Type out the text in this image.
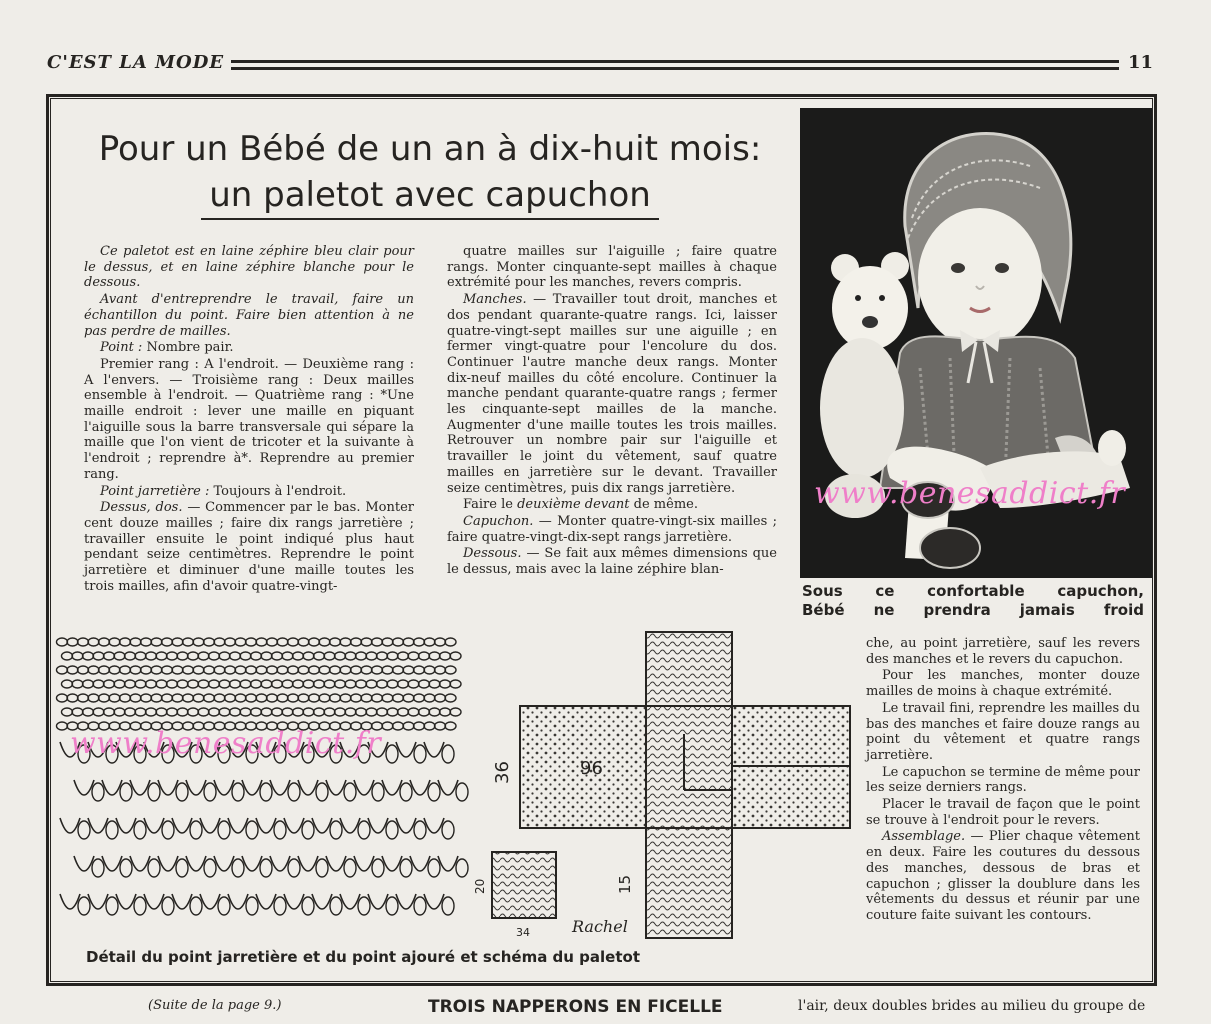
C'EST LA MODE	11
Pour un Bébé de un an à dix-huit mois:
un paletot avec capuchon

Ce paletot est en laine zéphire bleu clair pour le dessus, et en laine zéphire blanche pour le dessous.

Avant d'entreprendre le travail, faire un échantillon du point. Faire bien attention à ne pas perdre de mailles.

Point : Nombre pair.

Premier rang : A l'endroit. — Deuxième rang : A l'envers. — Troisième rang : Deux mailles ensemble à l'endroit. — Quatrième rang : *Une maille endroit : lever une maille en piquant l'aiguille sous la barre transversale qui sépare la maille que l'on vient de tricoter et la suivante à l'endroit ; reprendre à*. Reprendre au premier rang.

Point jarretière : Toujours à l'endroit.

Dessus, dos. — Commencer par le bas. Monter cent douze mailles ; faire dix rangs jarretière ; travailler ensuite le point indiqué plus haut pendant seize centimètres. Reprendre le point jarretière et diminuer d'une maille toutes les trois mailles, afin d'avoir quatre-vingt-

quatre mailles sur l'aiguille ; faire quatre rangs. Monter cinquante-sept mailles à chaque extrémité pour les manches, revers compris.

Manches. — Travailler tout droit, manches et dos pendant quarante-quatre rangs. Ici, laisser quatre-vingt-sept mailles sur une aiguille ; en fermer vingt-quatre pour l'encolure du dos. Continuer l'autre manche deux rangs. Monter dix-neuf mailles du côté encolure. Continuer la manche pendant quarante-quatre rangs ; fermer les cinquante-sept mailles de la manche. Augmenter d'une maille toutes les trois mailles. Retrouver un nombre pair sur l'aiguille et travailler le joint du vêtement, sauf quatre mailles en jarretière sur le devant. Travailler seize centimètres, puis dix rangs jarretière.

Faire le deuxième devant de même.

Capuchon. — Monter quatre-vingt-six mailles ; faire quatre-vingt-dix-sept rangs jarretière.

Dessous. — Se fait aux mêmes dimensions que le dessus, mais avec la laine zéphire blan-

www.benesaddict.fr
Sous ce confortable capuchon,
Bébé ne prendra jamais froid

che, au point jarretière, sauf les revers des manches et le revers du capuchon.

Pour les manches, monter douze mailles de moins à chaque extrémité.

Le travail fini, reprendre les mailles du bas des manches et faire douze rangs au point du vêtement et quatre rangs jarretière.

Le capuchon se termine de même pour les seize derniers rangs.

Placer le travail de façon que le point se trouve à l'endroit pour le revers.

Assemblage. — Plier chaque vêtement en deux. Faire les coutures du dessous des manches, dessous de bras et capuchon ; glisser la doublure dans les vêtements du dessus et réunir par une couture faite suivant les contours.

www.benesaddict.fr
96
36
15
20
34	Rachel
Détail du point jarretière et du point ajouré et schéma du paletot
(Suite de la page 9.)	TROIS NAPPERONS EN FICELLE	l'air, deux doubles brides au milieu du groupe de
